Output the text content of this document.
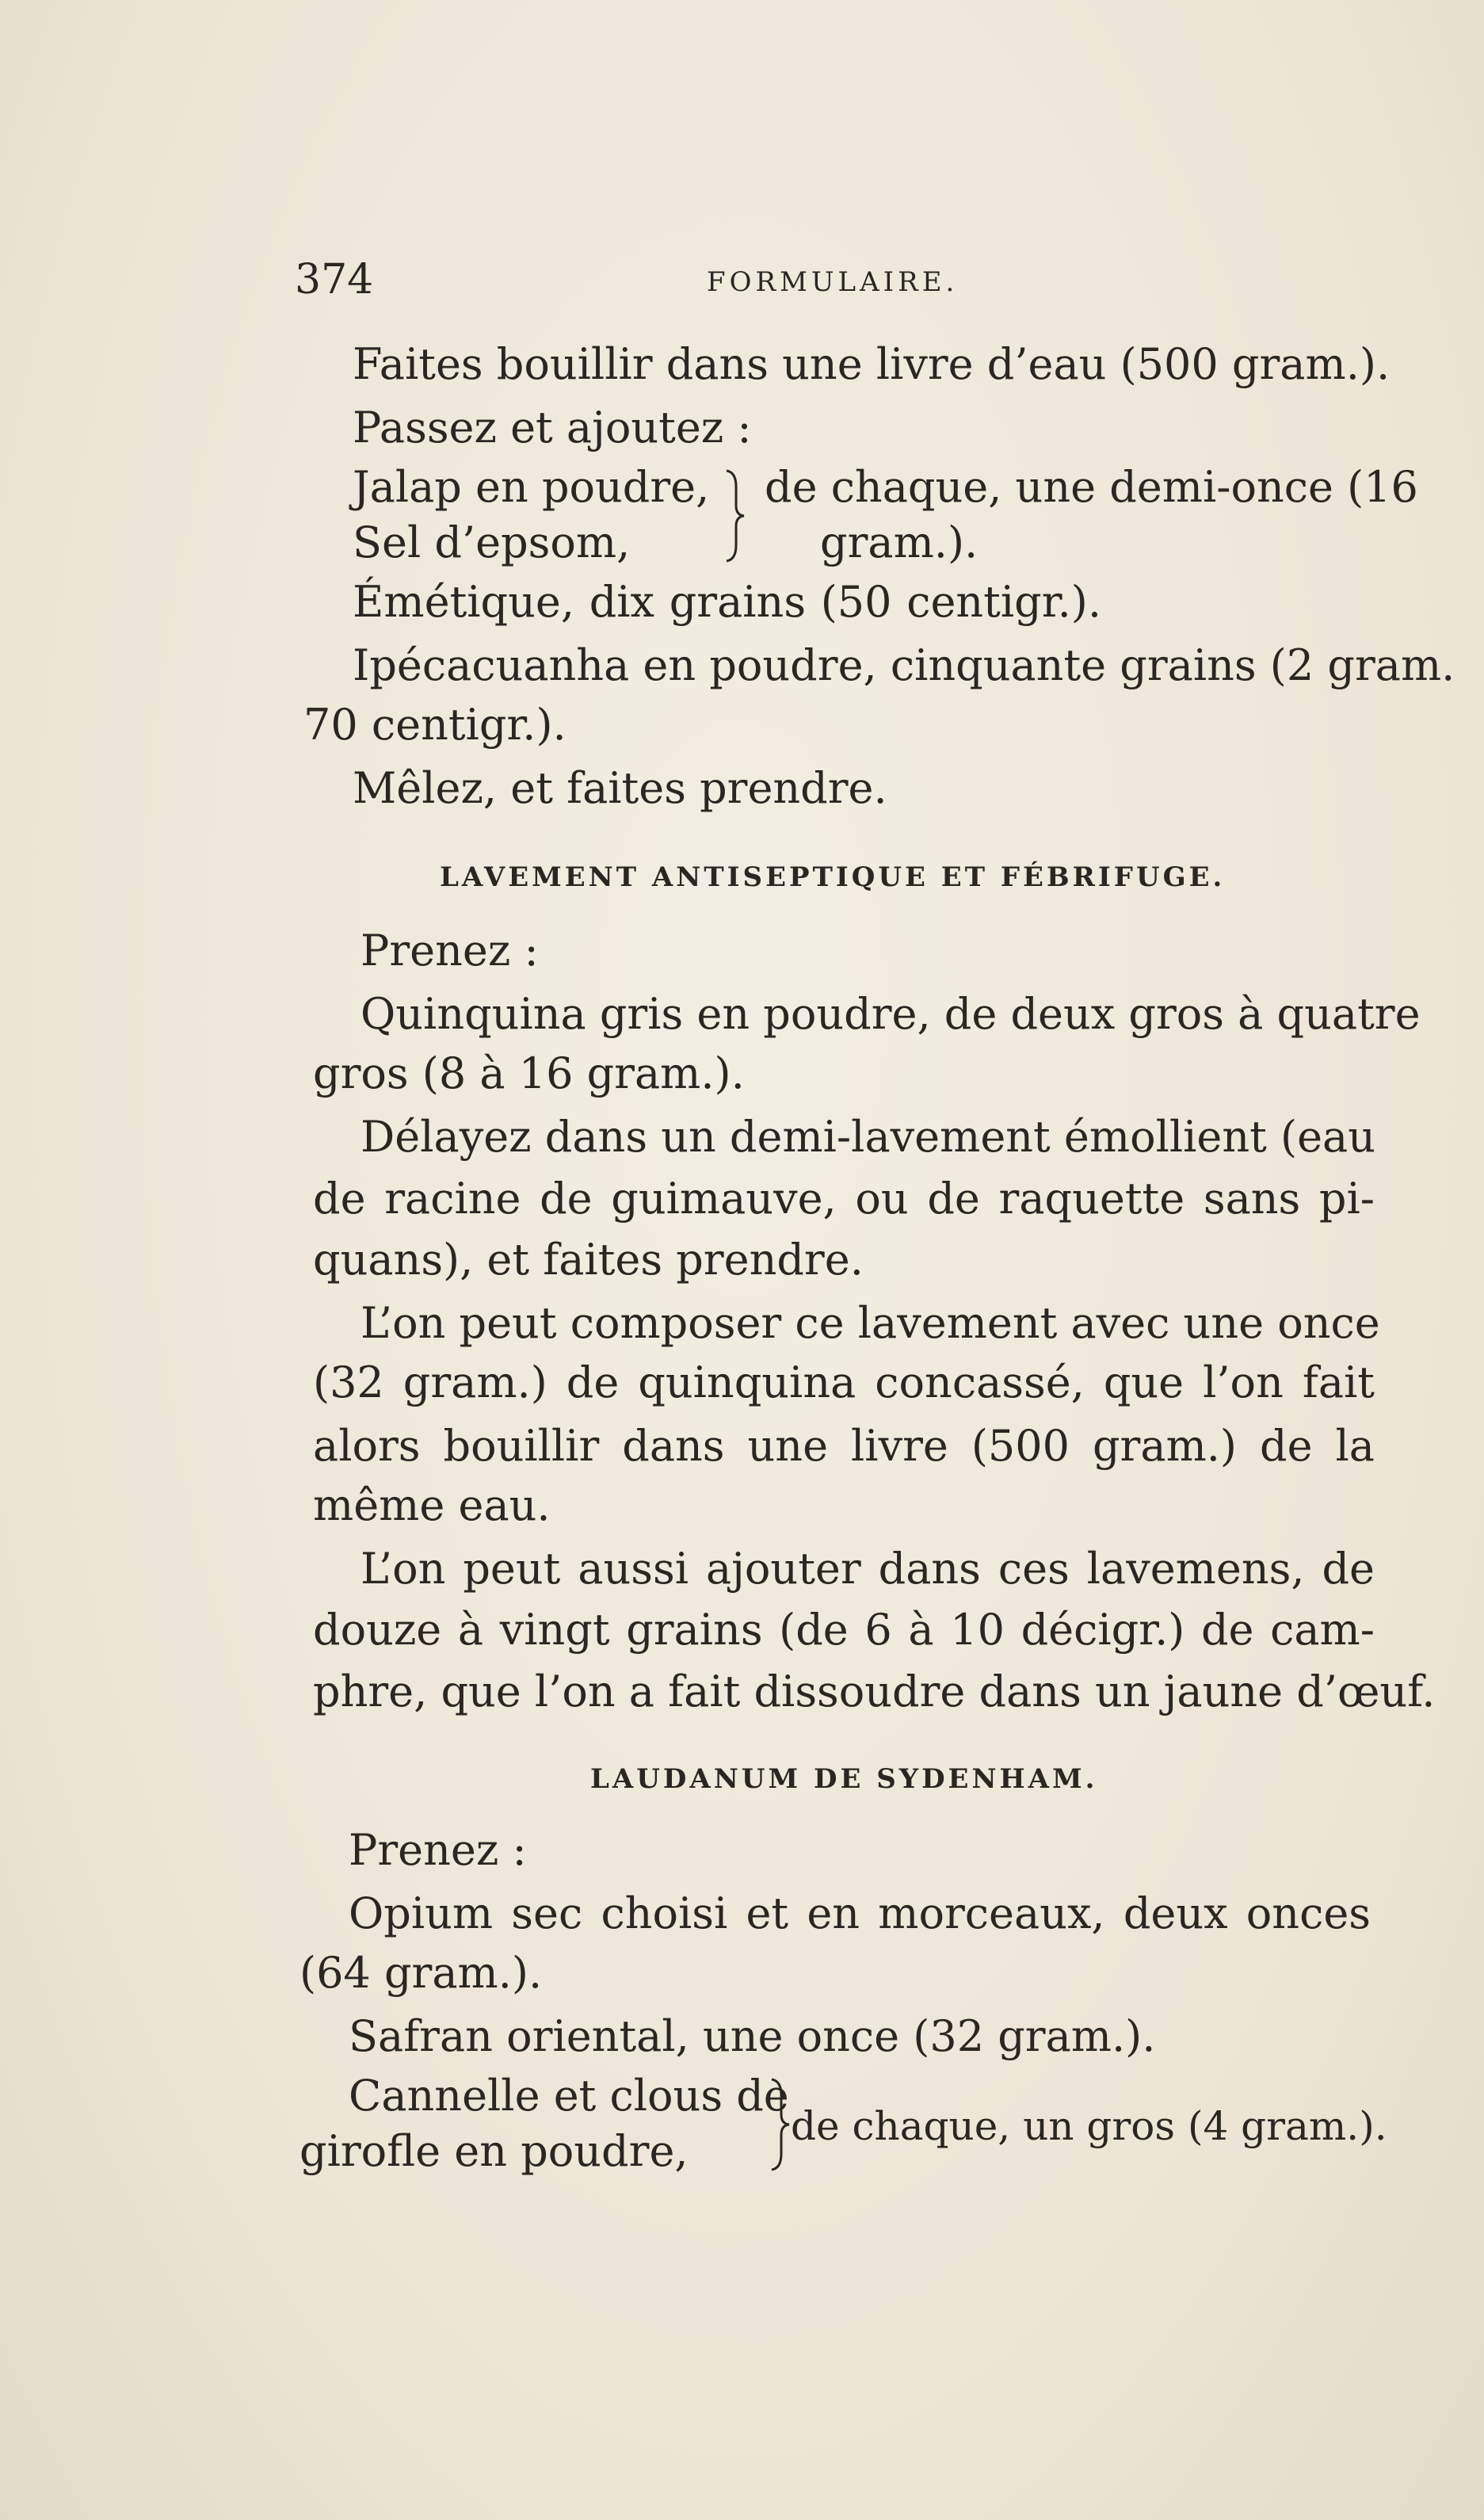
374	FORMULAIRE.
Faites bouillir dans une livre d’eau (500 gram.).
Passez et ajoutez :
Jalap en poudre,
Sel d’epsom,
de chaque, une demi-once (16
gram.).
Émétique, dix grains (50 centigr.).
Ipécacuanha en poudre, cinquante grains (2 gram.
70 centigr.).
Mêlez, et faites prendre.
LAVEMENT ANTISEPTIQUE ET FÉBRIFUGE.
Prenez :
Quinquina gris en poudre, de deux gros à quatre
gros (8 à 16 gram.).
Délayez dans un demi-lavement émollient (eau
de racine de guimauve, ou de raquette sans pi-
quans), et faites prendre.
L’on peut composer ce lavement avec une once
(32 gram.) de quinquina concassé, que l’on fait
alors bouillir dans une livre (500 gram.) de la
même eau.
L’on peut aussi ajouter dans ces lavemens, de
douze à vingt grains (de 6 à 10 décigr.) de cam-
phre, que l’on a fait dissoudre dans un jaune d’œuf.
LAUDANUM DE SYDENHAM.
Prenez :
Opium sec choisi et en morceaux, deux onces
(64 gram.).
Safran oriental, une once (32 gram.).
Cannelle et clous de
girofle en poudre,	de chaque, un gros (4 gram.).
